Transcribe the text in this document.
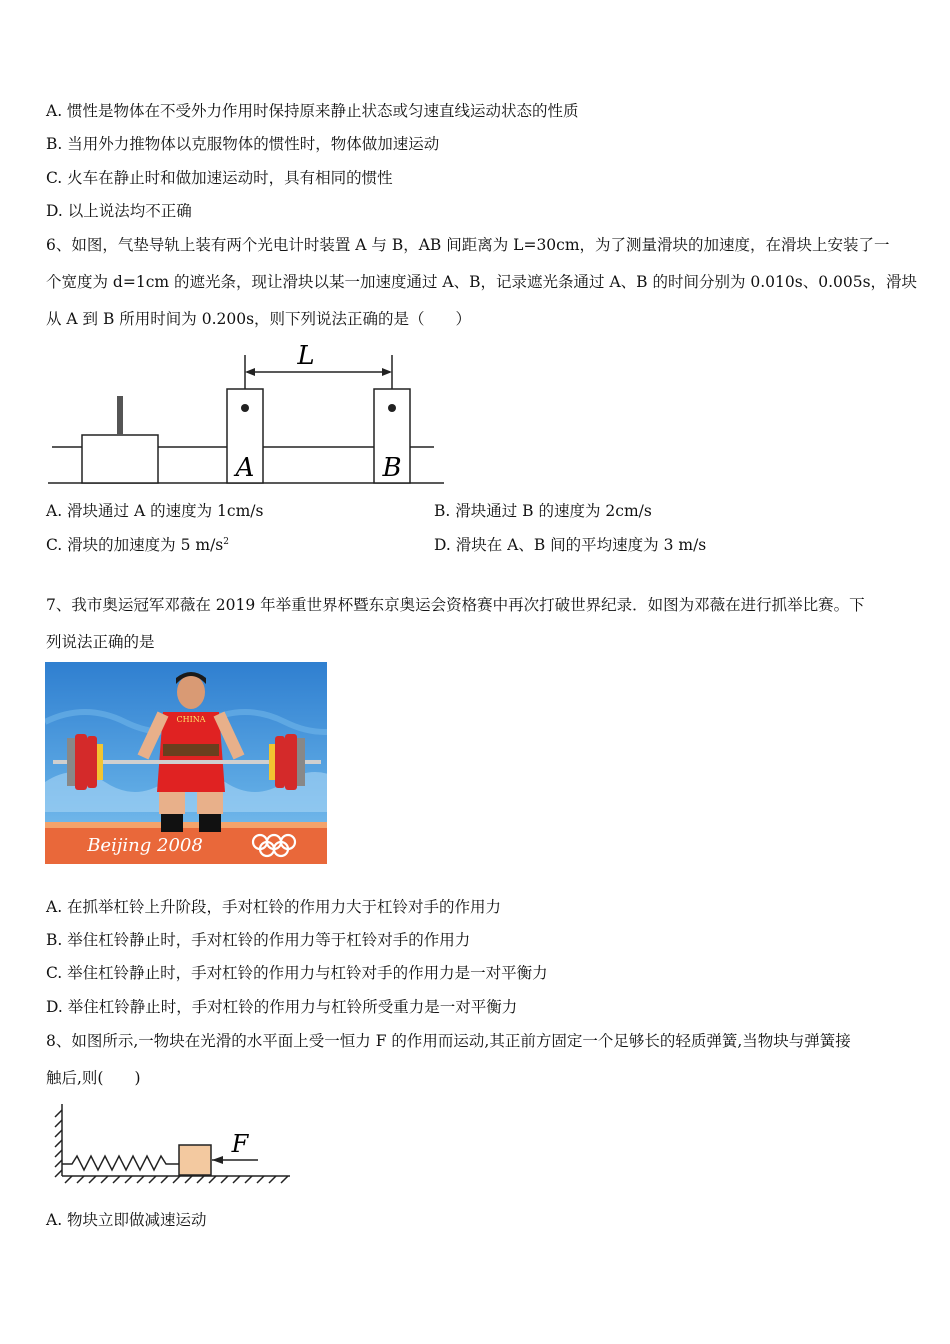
A. 惯性是物体在不受外力作用时保持原来静止状态或匀速直线运动状态的性质
B. 当用外力推物体以克服物体的惯性时，物体做加速运动
C. 火车在静止时和做加速运动时，具有相同的惯性
D. 以上说法均不正确
6、如图，气垫导轨上装有两个光电计时装置 A 与 B，AB 间距离为 L=30cm，为了测量滑块的加速度，在滑块上安装了一
个宽度为 d=1cm 的遮光条，现让滑块以某一加速度通过 A、B，记录遮光条通过 A、B 的时间分别为 0.010s、0.005s，滑块
从 A 到 B 所用时间为 0.200s，则下列说法正确的是（　　）
L
A	B
A. 滑块通过 A 的速度为 1cm/s	B. 滑块通过 B 的速度为 2cm/s
C. 滑块的加速度为 5 $m/s^2$	D. 滑块在 A、B 间的平均速度为 3 m/s
7、我市奥运冠军邓薇在 2019 年举重世界杯暨东京奥运会资格赛中再次打破世界纪录．如图为邓薇在进行抓举比赛。下
列说法正确的是
Beijing 2008
CHINA
A. 在抓举杠铃上升阶段，手对杠铃的作用力大于杠铃对手的作用力
B. 举住杠铃静止时，手对杠铃的作用力等于杠铃对手的作用力
C. 举住杠铃静止时，手对杠铃的作用力与杠铃对手的作用力是一对平衡力
D. 举住杠铃静止时，手对杠铃的作用力与杠铃所受重力是一对平衡力
8、如图所示,一物块在光滑的水平面上受一恒力 F 的作用而运动,其正前方固定一个足够长的轻质弹簧,当物块与弹簧接
触后,则(　　)
F
A. 物块立即做减速运动
